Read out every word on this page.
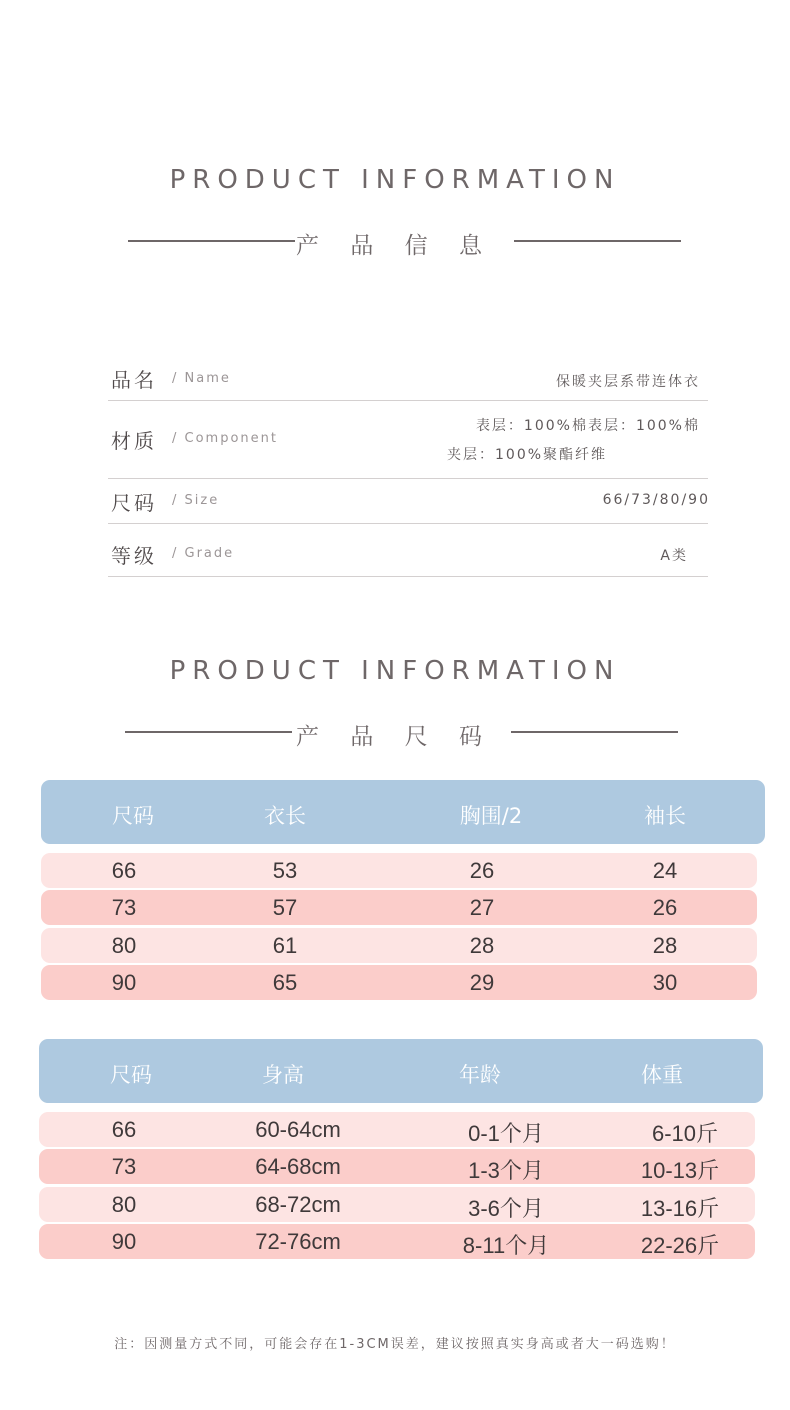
PRODUCT INFORMATION
产 品 信 息
品名 / Name	保暖夹层系带连体衣
材质 / Component
表层：100%棉表层：100%棉
夹层：100%聚酯纤维
尺码 / Size	66/73/80/90
等级 / Grade	A类
PRODUCT INFORMATION
产 品 尺 码
尺码	衣长	胸围/2	袖长
66	53	26	24
73	57	27	26
80	61	28	28
90	65	29	30
尺码	身高	年龄	体重
66	60-64cm	0-1个月	6-10斤
73	64-68cm	1-3个月	10-13斤
80	68-72cm	3-6个月	13-16斤
90	72-76cm	8-11个月	22-26斤
注：因测量方式不同，可能会存在1-3CM误差，建议按照真实身高或者大一码选购！
